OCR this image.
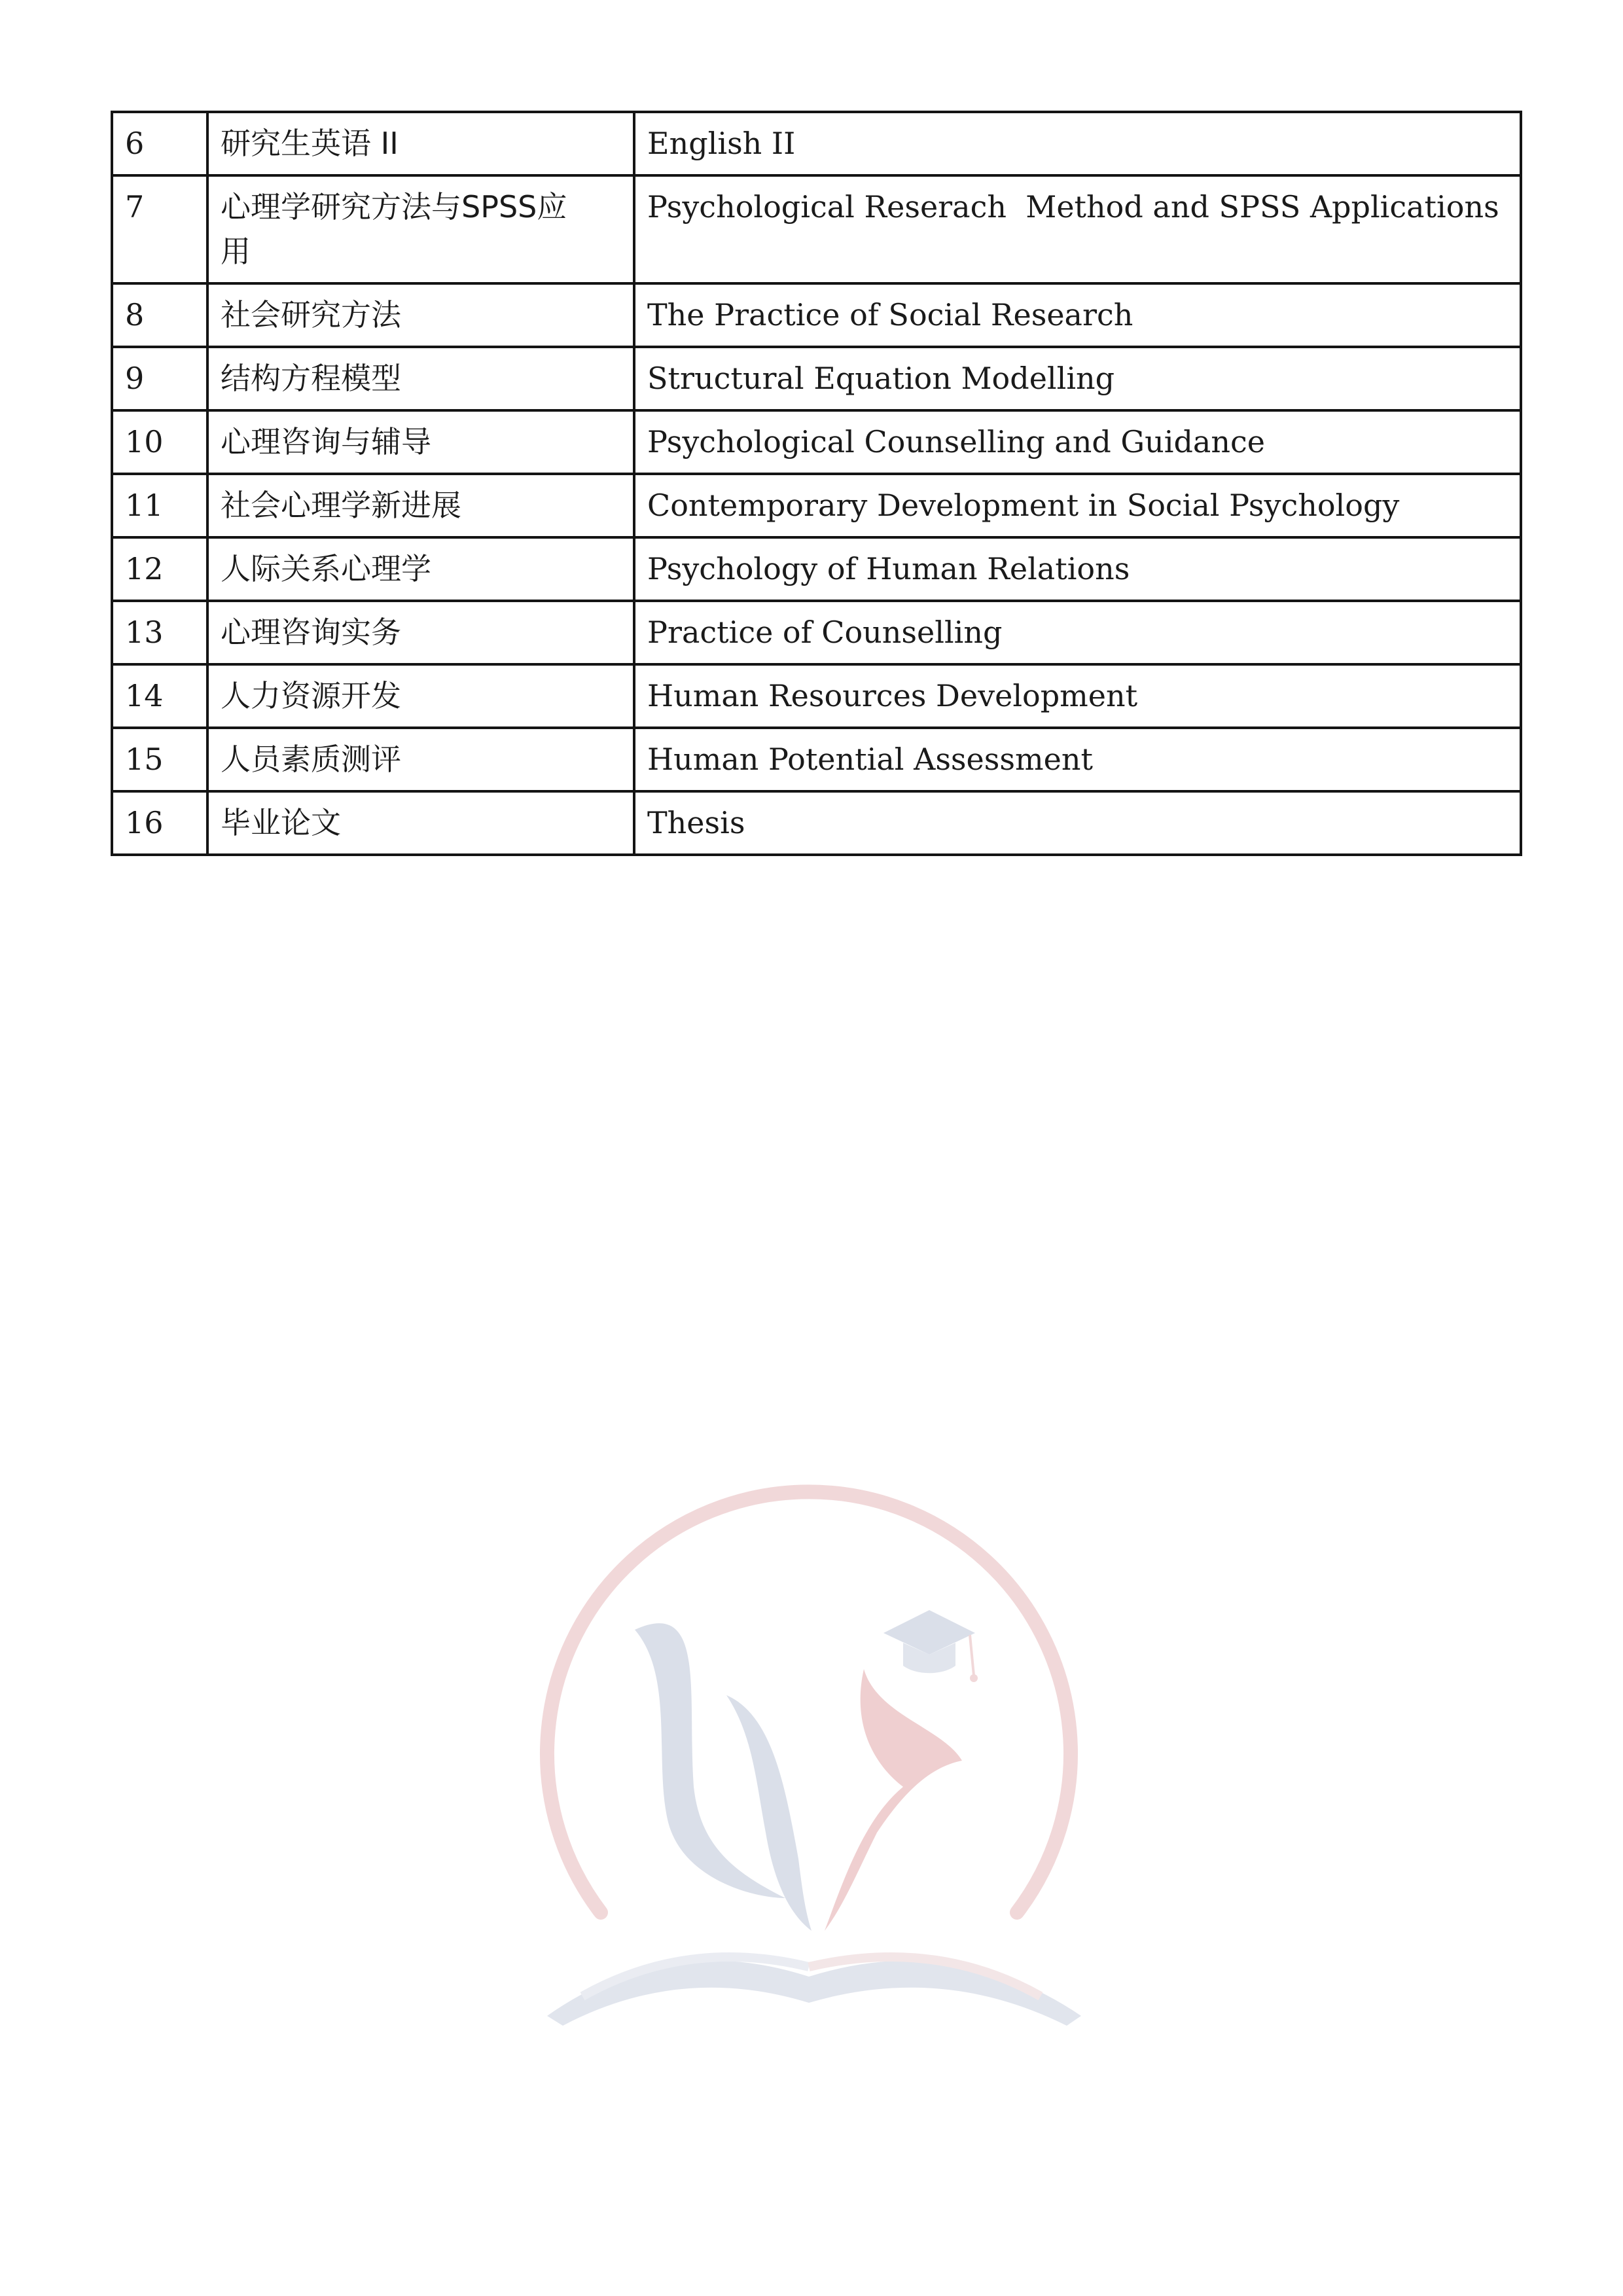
6	研究生英语 II	English II
7	心理学研究方法与SPSS应用	Psychological Reserach  Method and SPSS Applications
8	社会研究方法	The Practice of Social Research
9	结构方程模型	Structural Equation Modelling
10	心理咨询与辅导	Psychological Counselling and Guidance
11	社会心理学新进展	Contemporary Development in Social Psychology
12	人际关系心理学	Psychology of Human Relations
13	心理咨询实务	Practice of Counselling
14	人力资源开发	Human Resources Development
15	人员素质测评	Human Potential Assessment
16	毕业论文	Thesis
